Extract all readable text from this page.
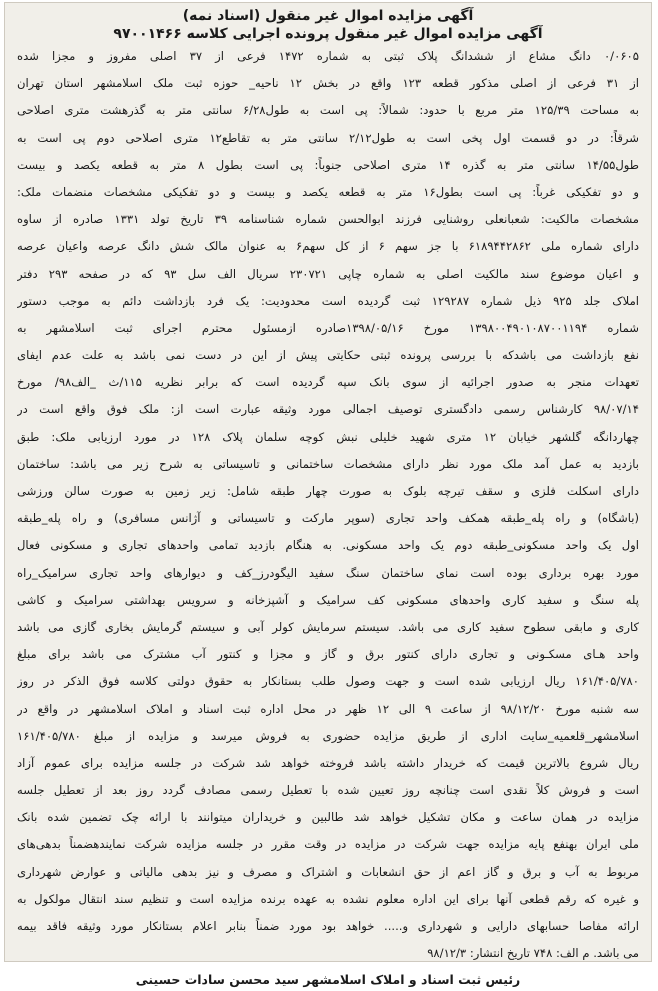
آگهی مزایده اموال غیر منقول (اسناد نمه)
آگهی مزایده اموال غیر منقول پرونده اجرایی کلاسه ۹۷۰۰۱۴۶۶
۰/۰۶۰۵ دانگ مشاع از ششدانگ پلاک ثبتی به شماره ۱۴۷۲ فرعی از ۳۷ اصلی مفروز و مجزا شده
از ۳۱ فرعی از اصلی مذکور قطعه ۱۲۳ واقع در بخش ۱۲ ناحیه_ حوزه ثبت ملک اسلامشهر استان تهران
به مساحت ۱۲۵/۳۹ متر مربع با حدود: شمالاً: پی است به طول۶/۲۸ سانتی متر به گذرهشت متری اصلاحی
شرقاً: در دو قسمت اول پخی است به طول۲/۱۲ سانتی متر به تقاطع۱۲ متری اصلاحی دوم پی است به
طول۱۴/۵۵ سانتی متر به گذره ۱۴ متری اصلاحی جنوباً: پی است بطول ۸ متر به قطعه یکصد و بیست
و دو تفکیکی غرباً: پی است بطول۱۶ متر به قطعه یکصد و بیست و دو تفکیکی مشخصات منضمات ملک:
مشخصات مالکیت: شعبانعلی روشنایی فرزند ابوالحسن شماره شناسنامه ۳۹ تاریخ تولد ۱۳۳۱ صادره از ساوه
دارای شماره ملی ۶۱۸۹۴۴۲۸۶۲ با جز سهم ۶ از کل سهم۶ به عنوان مالک شش دانگ عرصه واعیان عرصه
و اعیان موضوع سند مالکیت اصلی به شماره چاپی ۲۳۰۷۲۱ سریال الف سل ۹۳ که در صفحه ۲۹۳ دفتر
املاک جلد ۹۲۵ ذیل شماره ۱۲۹۲۸۷ ثبت گردیده است محدودیت: یک فرد بازداشت دائم به موجب دستور
شماره ۱۳۹۸۰۰۴۹۰۱۰۸۷۰۰۱۱۹۴ مورخ ۱۳۹۸/۰۵/۱۶صادره ازمسئول محترم اجرای ثبت اسلامشهر به
نفع بازداشت می باشدکه با بررسی پرونده ثبتی حکایتی پیش از این در دست نمی باشد به علت عدم ایفای
تعهدات منجر به صدور اجرائیه از سوی بانک سپه گردیده است که برابر نظریه ۱۱۵/ث _الف۹۸/ مورخ
۹۸/۰۷/۱۴ کارشناس رسمی دادگستری توصیف اجمالی مورد وثیقه عبارت است از: ملک فوق واقع است در
چهاردانگه گلشهر خیابان ۱۲ متری شهید خلیلی نبش کوچه سلمان پلاک ۱۲۸ در مورد ارزیابی ملک: طبق
بازدید به عمل آمد ملک مورد نظر دارای مشخصات ساختمانی و تاسیساتی به شرح زیر می باشد: ساختمان
دارای اسکلت فلزی و سقف تیرچه بلوک به صورت چهار طبقه شامل: زیر زمین به صورت سالن ورزشی
(باشگاه) و راه پله_طبقه همکف واحد تجاری (سوپر مارکت و تاسیساتی و آژانس مسافری) و راه پله_طبقه
اول یک واحد مسکونی_طبقه دوم یک واحد مسکونی. به هنگام بازدید تمامی واحدهای تجاری و مسکونی فعال
مورد بهره برداری بوده است نمای ساختمان سنگ سفید الیگودرز_کف و دیوارهای واحد تجاری سرامیک_راه
پله سنگ و سفید کاری واحدهای مسکونی کف سرامیک و آشپزخانه و سرویس بهداشتی سرامیک و کاشی
کاری و مابقی سطوح سفید کاری می باشد. سیستم سرمایش کولر آبی و سیستم گرمایش بخاری گازی می باشد
واحد هـای مسکـونی و تجاری دارای کنتور برق و گاز و مجزا و کنتور آب مشترک می باشد برای مبلغ
۱۶۱/۴۰۵/۷۸۰ ریال ارزیابی شده است و جهت وصول طلب بستانکار به حقوق دولتی کلاسه فوق الذکر در روز
سه شنبه مورخ ۹۸/۱۲/۲۰ از ساعت ۹ الی ۱۲ ظهر در محل اداره ثبت اسناد و املاک اسلامشهر در واقع در
اسلامشهر_قلعمیه_سایت اداری از طریق مزایده حضوری به فروش میرسد و مزایده از مبلغ ۱۶۱/۴۰۵/۷۸۰
ریال شروع بالاترین قیمت که خریدار داشته باشد فروخته خواهد شد شرکت در جلسه مزایده برای عموم آزاد
است و فروش کلاً نقدی است چنانچه روز تعیین شده با تعطیل رسمی مصادف گردد روز بعد از تعطیل جلسه
مزایده در همان ساعت و مکان تشکیل خواهد شد طالبین و خریداران میتوانند با ارائه چک تضمین شده بانک
ملی ایران بهنفع پایه مزایده جهت شرکت در مزایده در وقت مقرر در جلسه مزایده شرکت نمایندهضمناً بدهی‌های
مربوط به آب و برق و گاز اعم از حق انشعابات و اشتراک و مصرف و نیز بدهی مالیاتی و عوارض شهرداری
و غیره که رقم قطعی آنها برای این اداره معلوم نشده به عهده برنده مزایده است و تنظیم سند انتقال مولکول به
ارائه مفاصا حسابهای دارایی و شهرداری و..... خواهد بود مورد ضمناً بنابر اعلام بستانکار مورد وثیقه فاقد بیمه
می باشد. م الف: ۷۴۸ تاریخ انتشار: ۹۸/۱۲/۳
رئیس ثبت اسناد و املاک اسلامشهر سید محسن سادات حسینی
